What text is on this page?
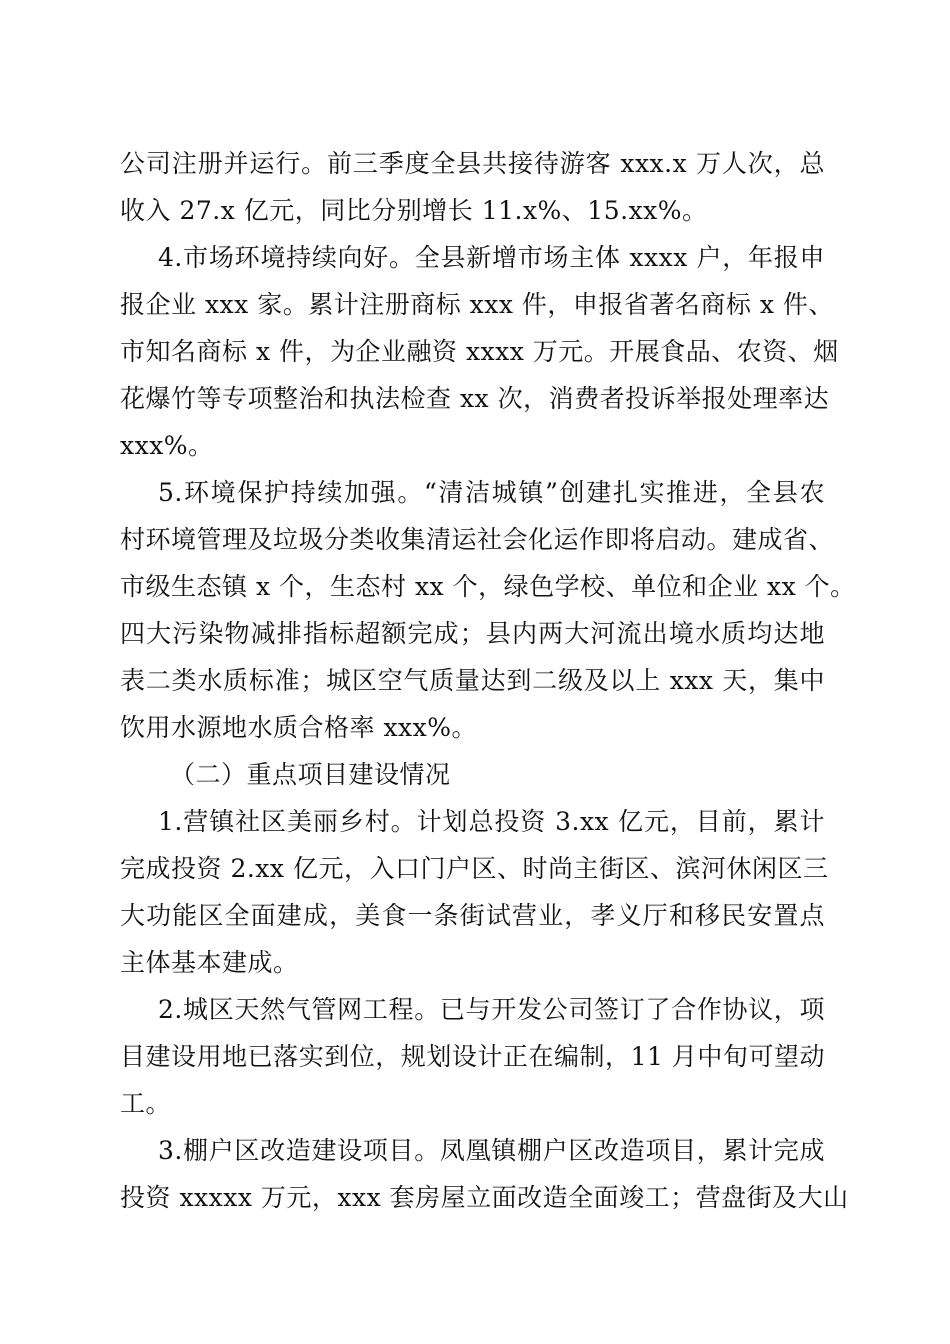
公司注册并运行。前三季度全县共接待游客 xxx.x 万人次，总
收入 27.x 亿元，同比分别增长 11.x%、15.xx%。
4.市场环境持续向好。全县新增市场主体 xxxx 户，年报申
报企业 xxx 家。累计注册商标 xxx 件，申报省著名商标 x 件、
市知名商标 x 件，为企业融资 xxxx 万元。开展食品、农资、烟
花爆竹等专项整治和执法检查 xx 次，消费者投诉举报处理率达
xxx%。
5.环境保护持续加强。“清洁城镇”创建扎实推进，全县农
村环境管理及垃圾分类收集清运社会化运作即将启动。建成省、
市级生态镇 x 个，生态村 xx 个，绿色学校、单位和企业 xx 个。
四大污染物减排指标超额完成；县内两大河流出境水质均达地
表二类水质标准；城区空气质量达到二级及以上 xxx 天，集中
饮用水源地水质合格率 xxx%。
（二）重点项目建设情况
1.营镇社区美丽乡村。计划总投资 3.xx 亿元，目前，累计
完成投资 2.xx 亿元，入口门户区、时尚主街区、滨河休闲区三
大功能区全面建成，美食一条街试营业，孝义厅和移民安置点
主体基本建成。
2.城区天然气管网工程。已与开发公司签订了合作协议，项
目建设用地已落实到位，规划设计正在编制，11 月中旬可望动
工。
3.棚户区改造建设项目。凤凰镇棚户区改造项目，累计完成
投资 xxxxx 万元，xxx 套房屋立面改造全面竣工；营盘街及大山
